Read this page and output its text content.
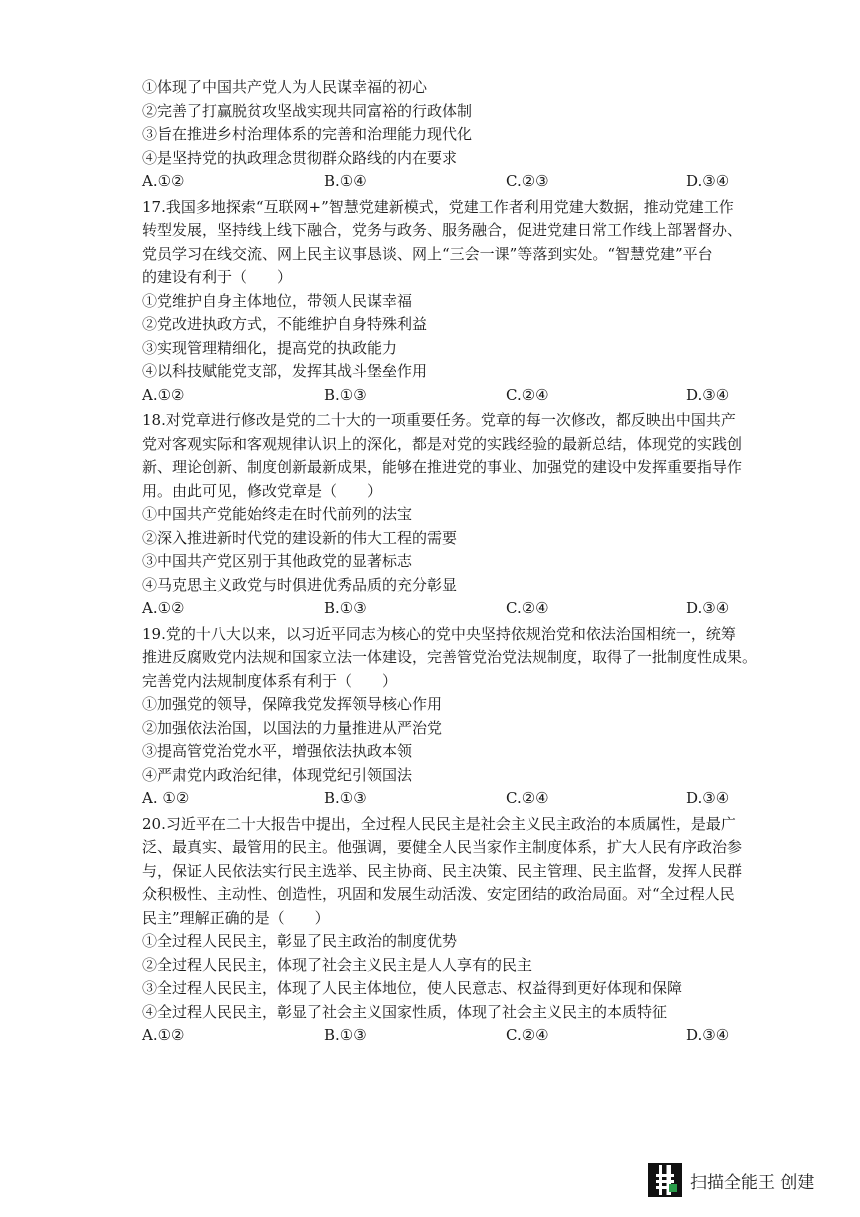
①体现了中国共产党人为人民谋幸福的初心
②完善了打赢脱贫攻坚战实现共同富裕的行政体制
③旨在推进乡村治理体系的完善和治理能力现代化
④是坚持党的执政理念贯彻群众路线的内在要求
A.①②	B.①④	C.②③	D.③④
17.我国多地探索“互联网+”智慧党建新模式，党建工作者利用党建大数据，推动党建工作
转型发展，坚持线上线下融合，党务与政务、服务融合，促进党建日常工作线上部署督办、
党员学习在线交流、网上民主议事恳谈、网上“三会一课”等落到实处。“智慧党建”平台
的建设有利于（　　）
①党维护自身主体地位，带领人民谋幸福
②党改进执政方式，不能维护自身特殊利益
③实现管理精细化，提高党的执政能力
④以科技赋能党支部，发挥其战斗堡垒作用
A.①②	B.①③	C.②④	D.③④
18.对党章进行修改是党的二十大的一项重要任务。党章的每一次修改，都反映出中国共产
党对客观实际和客观规律认识上的深化，都是对党的实践经验的最新总结，体现党的实践创
新、理论创新、制度创新最新成果，能够在推进党的事业、加强党的建设中发挥重要指导作
用。由此可见，修改党章是（　　）
①中国共产党能始终走在时代前列的法宝
②深入推进新时代党的建设新的伟大工程的需要
③中国共产党区别于其他政党的显著标志
④马克思主义政党与时俱进优秀品质的充分彰显
A.①②	B.①③	C.②④	D.③④
19.党的十八大以来，以习近平同志为核心的党中央坚持依规治党和依法治国相统一，统筹
推进反腐败党内法规和国家立法一体建设，完善管党治党法规制度，取得了一批制度性成果。
完善党内法规制度体系有利于（　　）
①加强党的领导，保障我党发挥领导核心作用
②加强依法治国，以国法的力量推进从严治党
③提高管党治党水平，增强依法执政本领
④严肃党内政治纪律，体现党纪引领国法
A. ①②	B.①③	C.②④	D.③④
20.习近平在二十大报告中提出，全过程人民民主是社会主义民主政治的本质属性，是最广
泛、最真实、最管用的民主。他强调，要健全人民当家作主制度体系，扩大人民有序政治参
与，保证人民依法实行民主选举、民主协商、民主决策、民主管理、民主监督，发挥人民群
众积极性、主动性、创造性，巩固和发展生动活泼、安定团结的政治局面。对“全过程人民
民主”理解正确的是（　　）
①全过程人民民主，彰显了民主政治的制度优势
②全过程人民民主，体现了社会主义民主是人人享有的民主
③全过程人民民主，体现了人民主体地位，使人民意志、权益得到更好体现和保障
④全过程人民民主，彰显了社会主义国家性质，体现了社会主义民主的本质特征
A.①②	B.①③	C.②④	D.③④
扫描全能王 创建
